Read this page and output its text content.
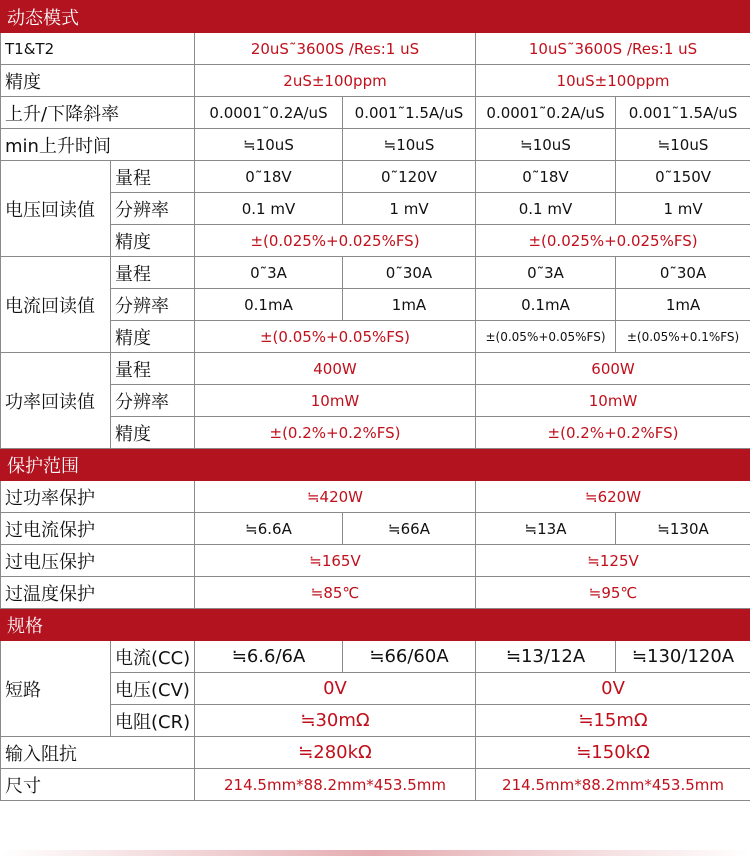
动态模式					
T1&T2		20uS˜3600S /Res:1 uS		10uS˜3600S /Res:1 uS	
精度		2uS±100ppm		10uS±100ppm	
上升/下降斜率		0.0001˜0.2A/uS	0.001˜1.5A/uS	0.0001˜0.2A/uS	0.001˜1.5A/uS
min上升时间		≒10uS	≒10uS	≒10uS	≒10uS
电压回读值	量程	0˜18V	0˜120V	0˜18V	0˜150V
	分辨率	0.1 mV	1 mV	0.1 mV	1 mV
	精度	±(0.025%+0.025%FS)		±(0.025%+0.025%FS)	
电流回读值	量程	0˜3A	0˜30A	0˜3A	0˜30A
	分辨率	0.1mA	1mA	0.1mA	1mA
	精度	±(0.05%+0.05%FS)		±(0.05%+0.05%FS)	±(0.05%+0.1%FS)
功率回读值	量程	400W		600W	
	分辨率	10mW		10mW	
	精度	±(0.2%+0.2%FS)		±(0.2%+0.2%FS)	
保护范围					
过功率保护		≒420W		≒620W	
过电流保护		≒6.6A	≒66A	≒13A	≒130A
过电压保护		≒165V		≒125V	
过温度保护		≒85℃		≒95℃	
规格					
短路	电流(CC)	≒6.6/6A	≒66/60A	≒13/12A	≒130/120A
	电压(CV)	0V		0V	
	电阻(CR)	≒30mΩ		≒15mΩ	
输入阻抗		≒280kΩ		≒150kΩ	
尺寸		214.5mm*88.2mm*453.5mm		214.5mm*88.2mm*453.5mm	
